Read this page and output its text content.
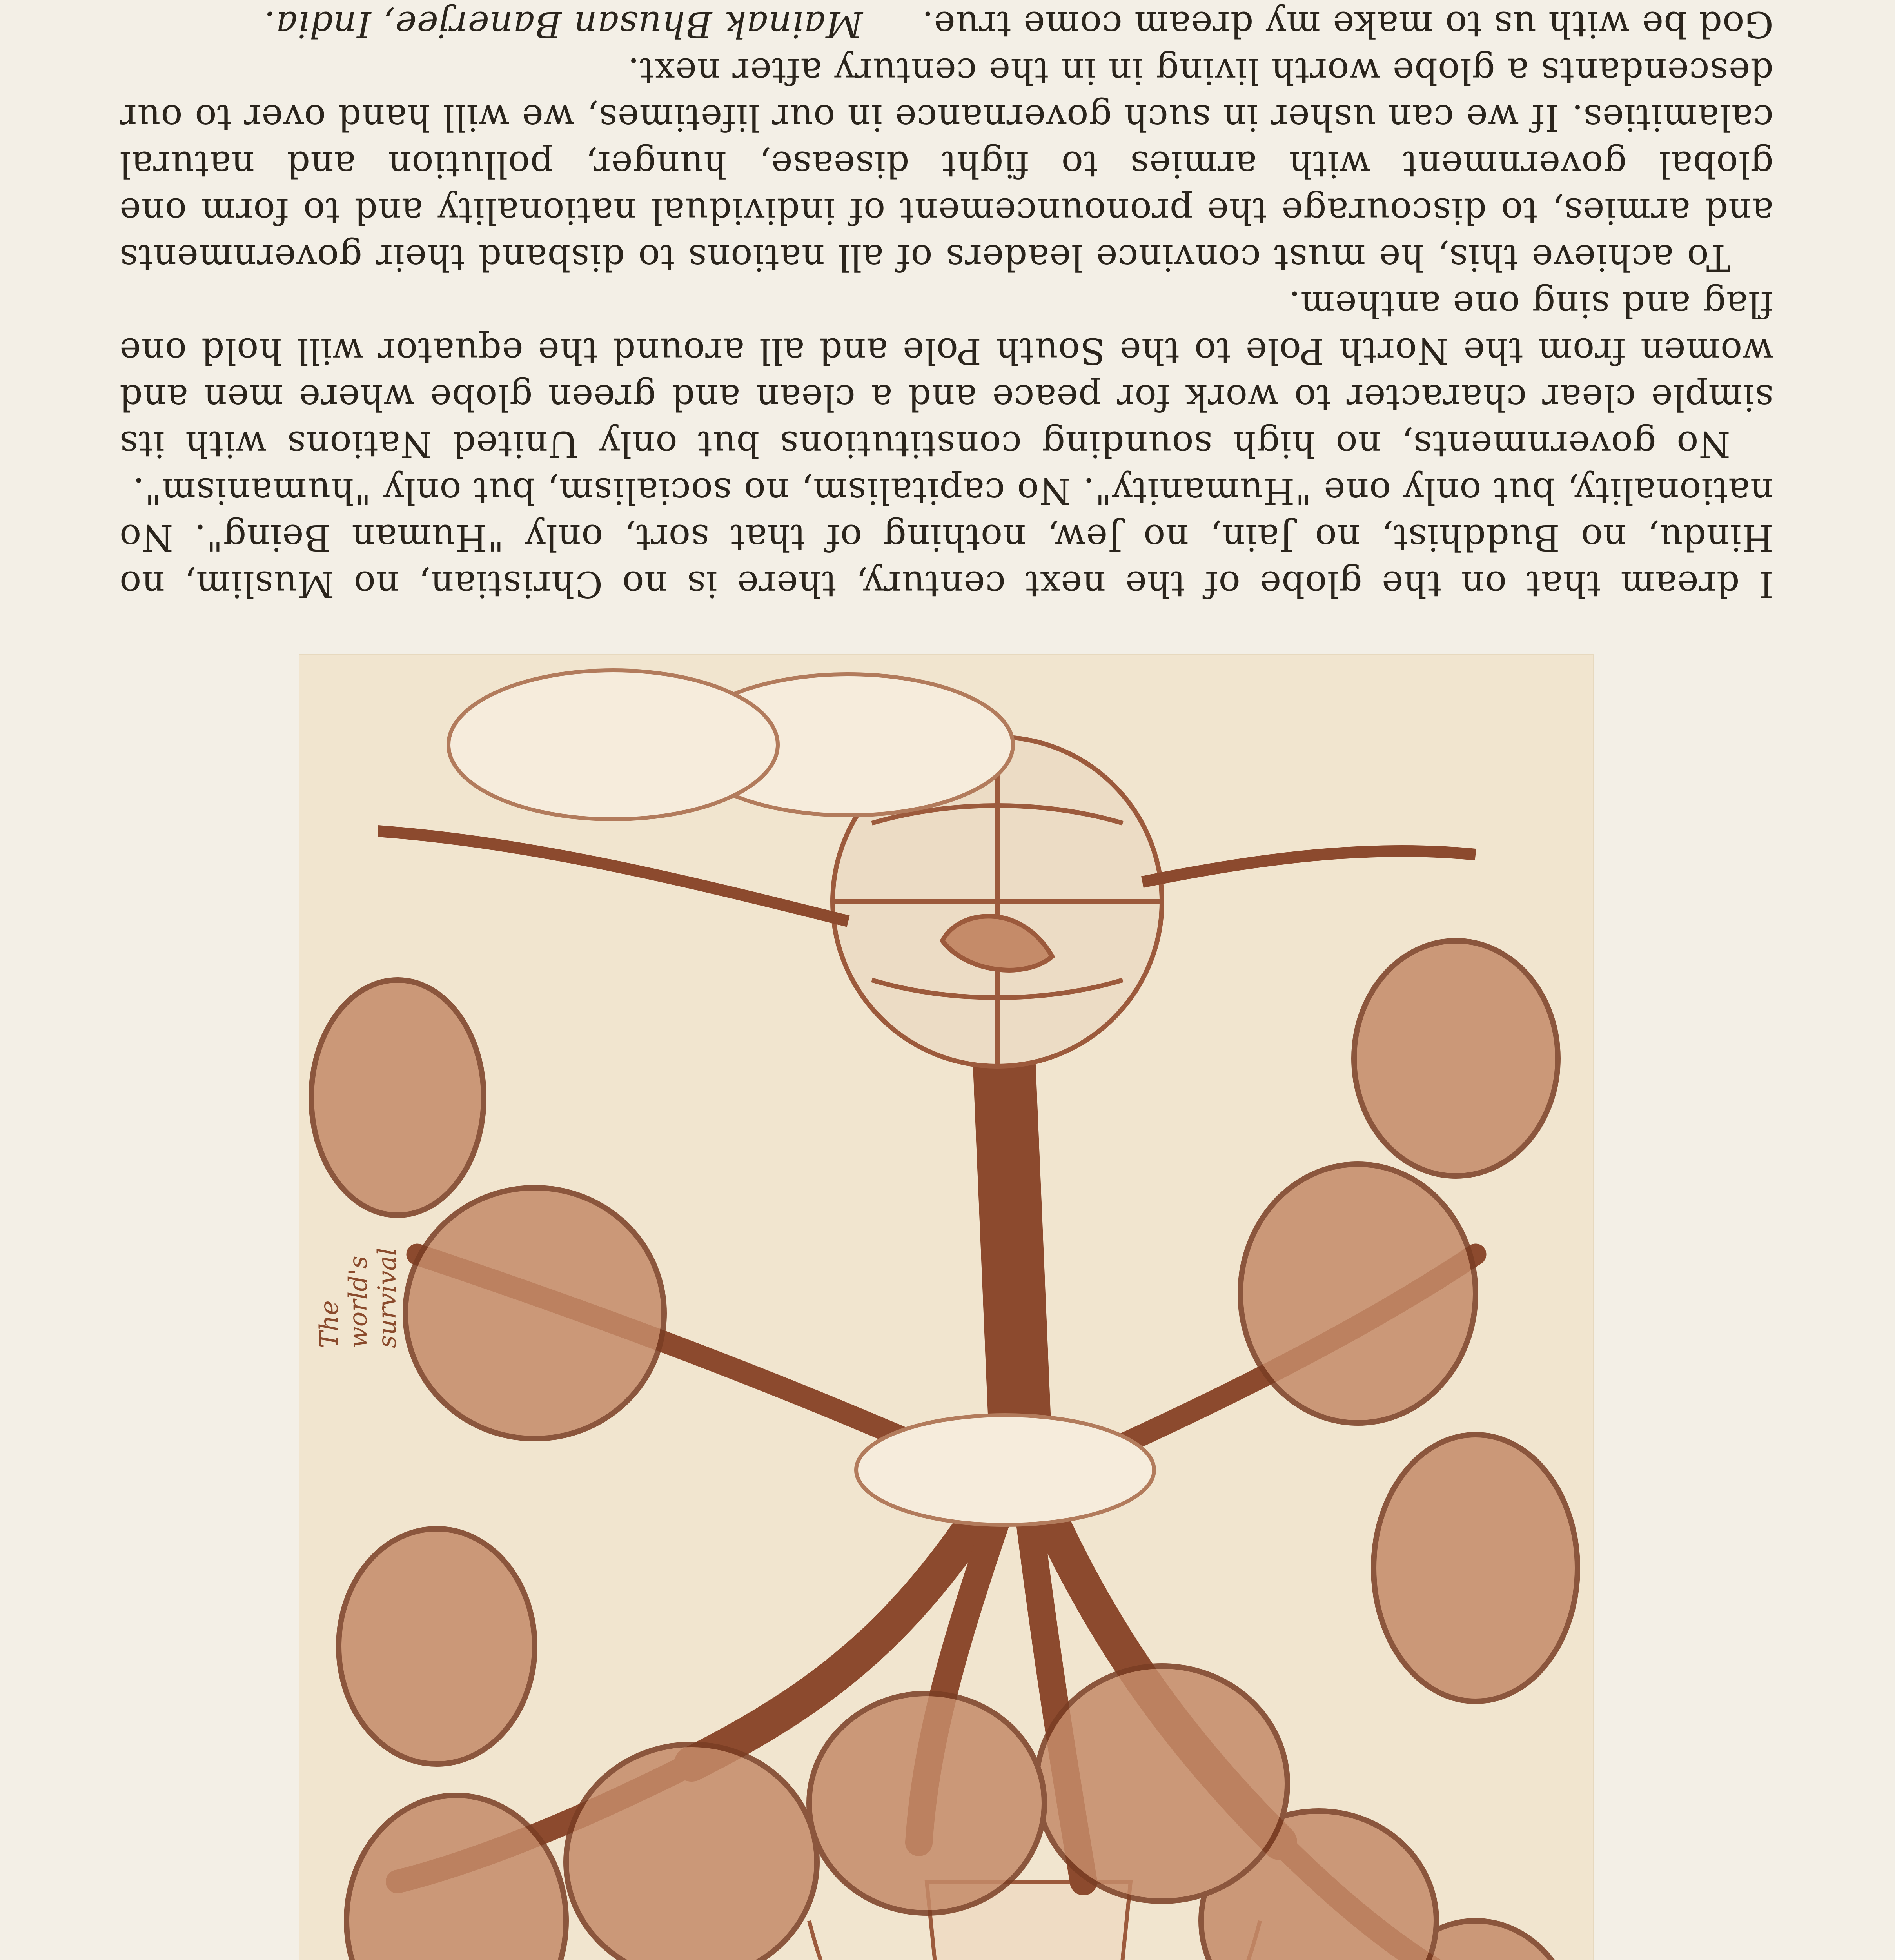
The world's survival

I dream that on the globe of the next century, there is no Christian, no Muslim, no Hindu, no Buddhist, no Jain, no Jew, nothing of that sort, only "Human Being". No nationality, but only one "Humanity". No capitalism, no socialism, but only "humanism".

No governments, no high sounding constitutions but only United Nations with its simple clear character to work for peace and a clean and green globe where men and women from the North Pole to the South Pole and all around the equator will hold one flag and sing one anthem.

To achieve this, he must convince leaders of all nations to disband their governments and armies, to discourage the pronouncement of individual nationality and to form one global government with armies to fight disease, hunger, pollution and natural calamities. If we can usher in such governance in our lifetimes, we will hand over to our descendants a globe worth living in in the century after next.

God be with us to make my dream come true. Mainak Bhusan Banerjee, India.
